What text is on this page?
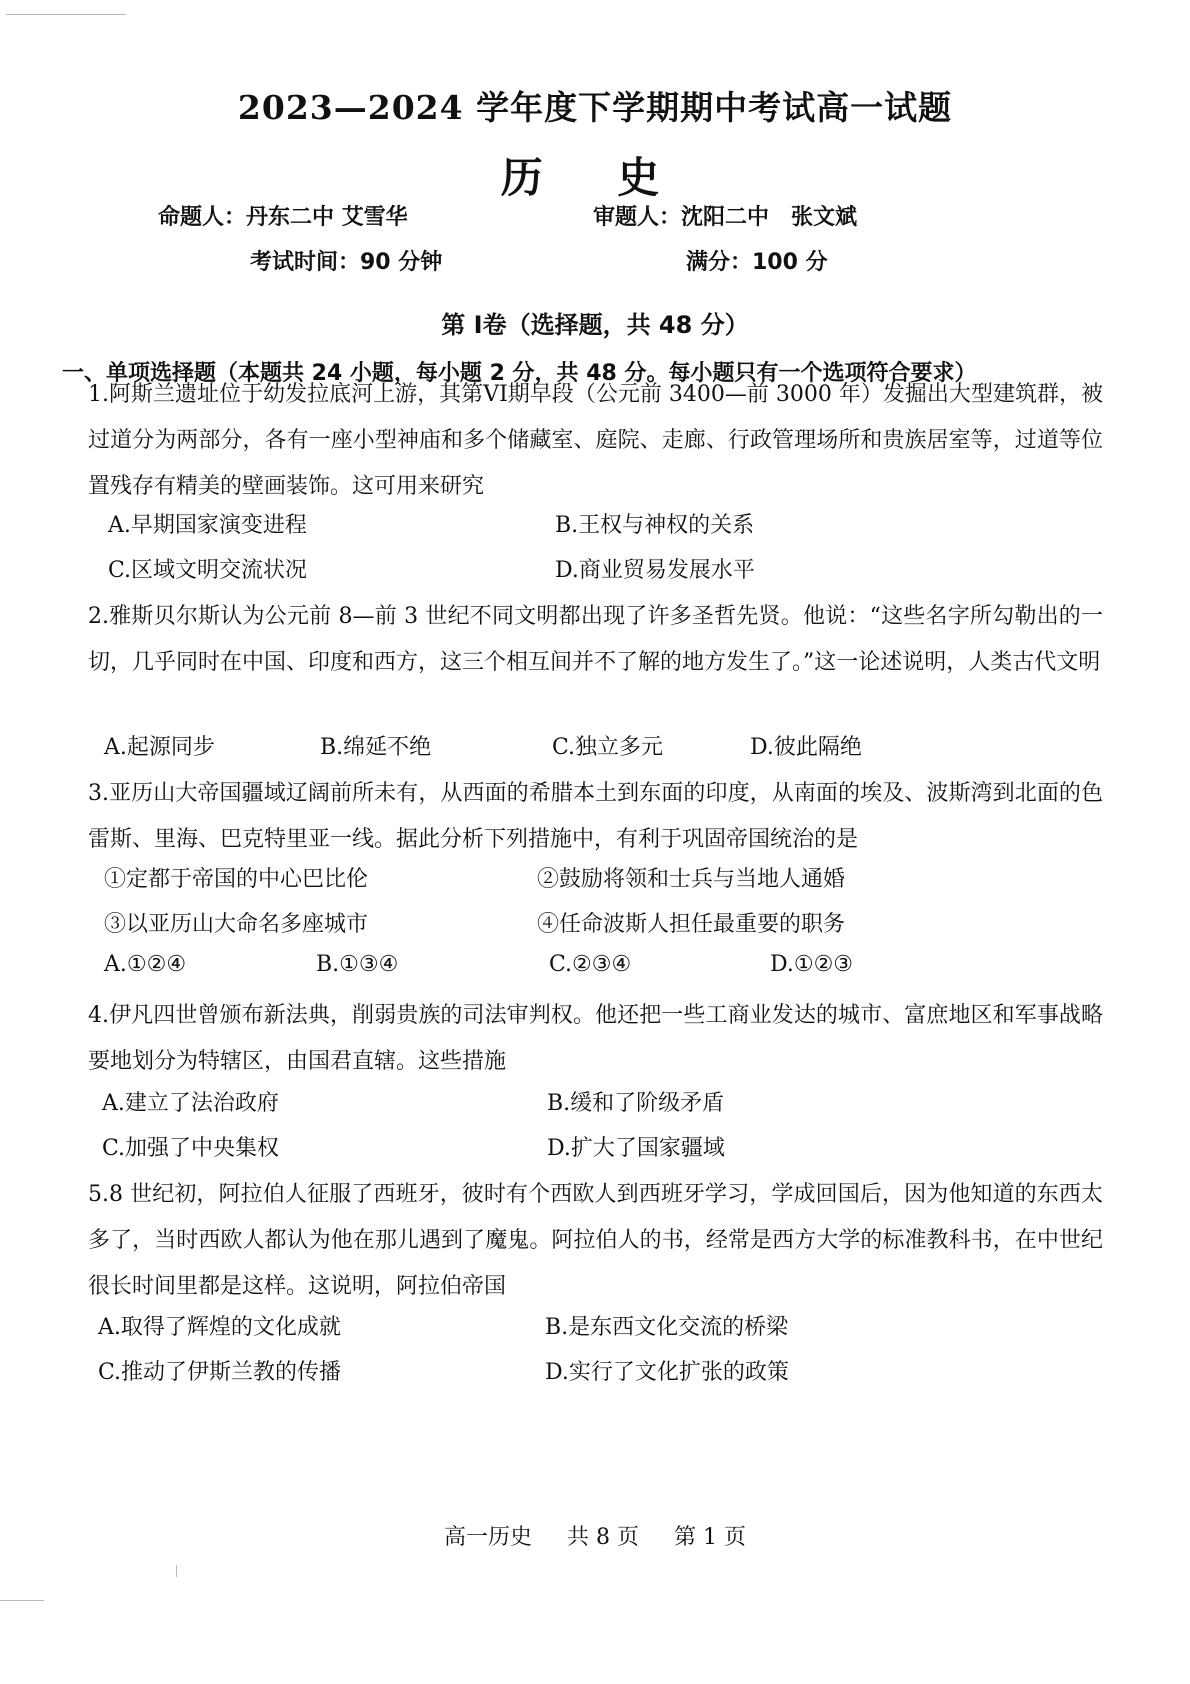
2023—2024 学年度下学期期中考试高一试题
历 史
命题人：丹东二中 艾雪华	审题人：沈阳二中　张文斌
考试时间：90 分钟	满分：100 分
第 Ⅰ卷（选择题，共 48 分）
一、单项选择题（本题共 24 小题，每小题 2 分，共 48 分。每小题只有一个选项符合要求）
1.阿斯兰遗址位于幼发拉底河上游，其第VI期早段（公元前 3400—前 3000 年）发掘出大型建筑群，被过道分为两部分，各有一座小型神庙和多个储藏室、庭院、走廊、行政管理场所和贵族居室等，过道等位置残存有精美的壁画装饰。这可用来研究
A.早期国家演变进程	B.王权与神权的关系
C.区域文明交流状况	D.商业贸易发展水平
2.雅斯贝尔斯认为公元前 8—前 3 世纪不同文明都出现了许多圣哲先贤。他说：“这些名字所勾勒出的一切，几乎同时在中国、印度和西方，这三个相互间并不了解的地方发生了。”这一论述说明，人类古代文明
A.起源同步	B.绵延不绝	C.独立多元	D.彼此隔绝
3.亚历山大帝国疆域辽阔前所未有，从西面的希腊本土到东面的印度，从南面的埃及、波斯湾到北面的色雷斯、里海、巴克特里亚一线。据此分析下列措施中，有利于巩固帝国统治的是
①定都于帝国的中心巴比伦	②鼓励将领和士兵与当地人通婚
③以亚历山大命名多座城市	④任命波斯人担任最重要的职务
A.①②④	B.①③④	C.②③④	D.①②③
4.伊凡四世曾颁布新法典，削弱贵族的司法审判权。他还把一些工商业发达的城市、富庶地区和军事战略要地划分为特辖区，由国君直辖。这些措施
A.建立了法治政府	B.缓和了阶级矛盾
C.加强了中央集权	D.扩大了国家疆域
5.8 世纪初，阿拉伯人征服了西班牙，彼时有个西欧人到西班牙学习，学成回国后，因为他知道的东西太多了，当时西欧人都认为他在那儿遇到了魔鬼。阿拉伯人的书，经常是西方大学的标准教科书，在中世纪很长时间里都是这样。这说明，阿拉伯帝国
A.取得了辉煌的文化成就	B.是东西文化交流的桥梁
C.推动了伊斯兰教的传播	D.实行了文化扩张的政策
高一历史 共 8 页 第 1 页
